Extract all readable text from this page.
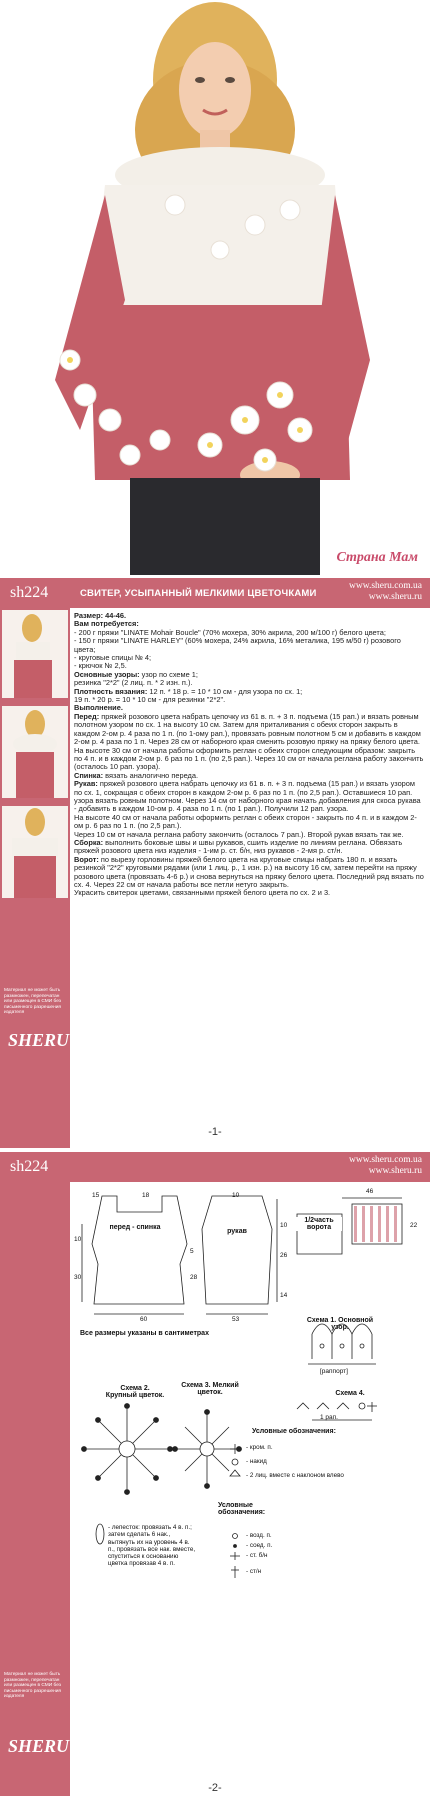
Страна Мам
sh224	СВИТЕР, УСЫПАННЫЙ МЕЛКИМИ ЦВЕТОЧКАМИ
www.sheru.com.ua
www.sheru.ru
Материал не может быть размножен, перепечатан или размещен в СМИ без письменного разрешения издателя
SHERU

Размер: 44-46.

Вам потребуется:

- 200 г пряжи "LINATE Mohair Boucle" (70% мохера, 30% акрила, 200 м/100 г) белого цвета;

- 150 г пряжи "LINATE HARLEY" (60% мохера, 24% акрила, 16% металика, 195 м/50 г) розового цвета;

- круговые спицы № 4;

- крючок № 2,5.

Основные узоры: узор по схеме 1;

резинка "2*2" (2 лиц. п. * 2 изн. п.).

Плотность вязания: 12 п. * 18 р. = 10 * 10 см - для узора по сх. 1;

19 п. * 20 р. = 10 * 10 см - для резинки "2*2".

Выполнение.

Перед: пряжей розового цвета набрать цепочку из 61 в. п. + 3 п. подъема (15 рап.) и вязать ровным полотном узором по сх. 1 на высоту 10 см. Затем для приталивания с обеих сторон закрыть в каждом 2-ом р. 4 раза по 1 п. (по 1-ому рап.), провязать ровным полотном 5 см и добавить в каждом 2-ом р. 4 раза по 1 п. Через 28 см от наборного края сменить розовую пряжу на пряжу белого цвета.

На высоте 30 см от начала работы оформить реглан с обеих сторон следующим образом: закрыть по 4 п. и в каждом 2-ом р. 6 раз по 1 п. (по 2,5 рап.). Через 10 см от начала реглана работу закончить (осталось 10 рап. узора).

Спинка: вязать аналогично переда.

Рукав: пряжей розового цвета набрать цепочку из 61 в. п. + 3 п. подъема (15 рап.) и вязать узором по сх. 1, сокращая с обеих сторон в каждом 2-ом р. 6 раз по 1 п. (по 2,5 рап.). Оставшиеся 10 рап. узора вязать ровным полотном. Через 14 см от наборного края начать добавления для скоса рукава - добавить в каждом 10-ом р. 4 раза по 1 п. (по 1 рап.). Получили 12 рап. узора.

На высоте 40 см от начала работы оформить реглан с обеих сторон - закрыть по 4 п. и в каждом 2-ом р. 6 раз по 1 п. (по 2,5 рап.).

Через 10 см от начала реглана работу закончить (осталось 7 рап.). Второй рукав вязать так же.

Сборка: выполнить боковые швы и швы рукавов, сшить изделие по линиям реглана. Обвязать пряжей розового цвета низ изделия - 1-им р. ст. б/н, низ рукавов - 2-мя р. ст/н.

Ворот: по вырезу горловины пряжей белого цвета на круговые спицы набрать 180 п. и вязать резинкой "2*2" круговыми рядами (или 1 лиц. р., 1 изн. р.) на высоту 16 см, затем перейти на пряжу розового цвета (провязать 4-6 р.) и снова вернуться на пряжу белого цвета. Последний ряд вязать по сх. 4. Через 22 см от начала работы все петли нетуго закрыть.

Украсить свитерок цветами, связанными пряжей белого цвета по сх. 2 и 3.

-1-
sh224	www.sheru.com.ua
www.sheru.ru
Материал не может быть размножен, перепечатан или размещен в СМИ без письменного разрешения издателя
SHERU
перед - спинка
рукав
1/2часть ворота
15	18
10
30
5
28
60
10
10
26
14
53
46
22
Все размеры указаны в сантиметрах
Схема 1. Основной узор.
[раппорт]
Схема 2. Крупный цветок.
Схема 3. Мелкий цветок.	Схема 4.
1 рап.
Условные обозначения:
- кром. п.
- накид
- 2 лиц. вместе с наклоном влево
Условные обозначения:
- возд. п.
- соед. п.
- ст. б/н
- ст/н
- лепесток: провязать 4 в. п.; затем сделать 6 нак., вытянуть их на уровень 4 в. п., провязать все нак. вместе, спуститься к основанию цветка провязав 4 в. п.
-2-
